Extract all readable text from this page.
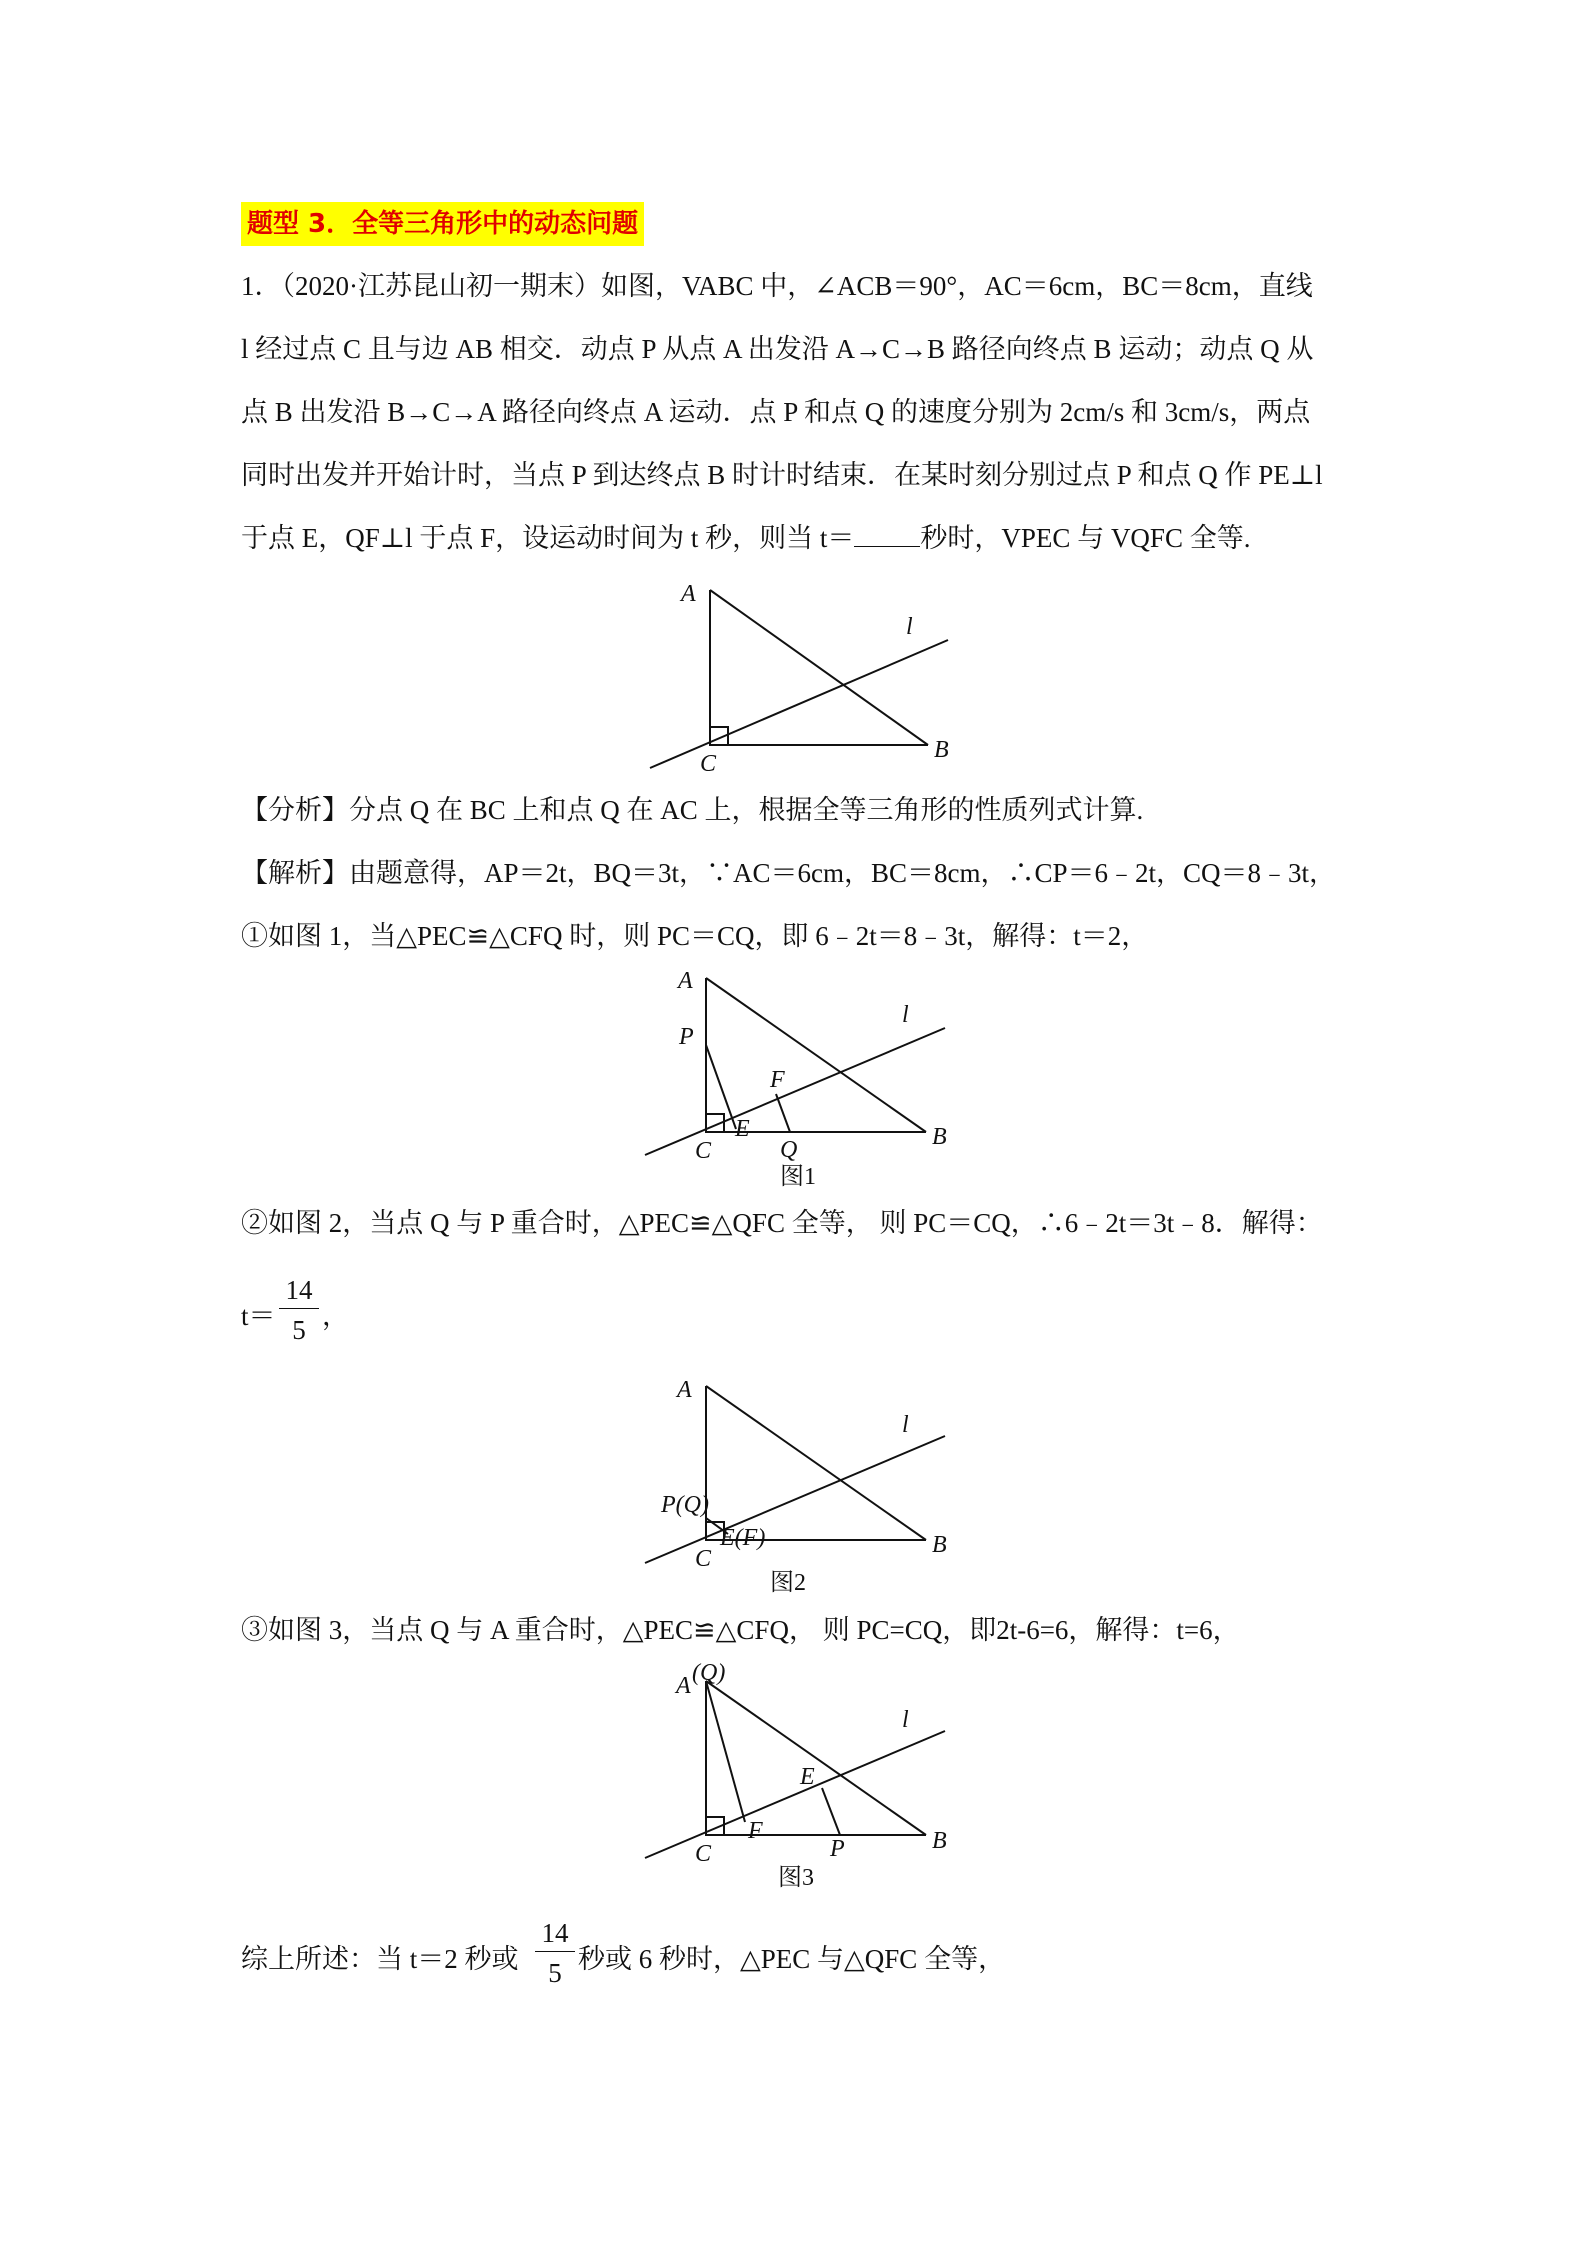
题型 3．全等三角形中的动态问题
1．（2020·江苏昆山初一期末）如图，VABC 中，∠ACB＝90°，AC＝6cm，BC＝8cm，直线
l 经过点 C 且与边 AB 相交．动点 P 从点 A 出发沿 A→C→B 路径向终点 B 运动；动点 Q 从
点 B 出发沿 B→C→A 路径向终点 A 运动．点 P 和点 Q 的速度分别为 2cm/s 和 3cm/s，两点
同时出发并开始计时，当点 P 到达终点 B 时计时结束．在某时刻分别过点 P 和点 Q 作 PE⊥l
于点 E，QF⊥l 于点 F，设运动时间为 t 秒，则当 t＝ 秒时，VPEC 与 VQFC 全等.
A
l
C
B
【分析】分点 Q 在 BC 上和点 Q 在 AC 上，根据全等三角形的性质列式计算.
【解析】由题意得，AP＝2t，BQ＝3t，∵AC＝6cm，BC＝8cm，∴CP＝6﹣2t，CQ＝8﹣3t，
①如图 1，当△PEC≌△CFQ 时，则 PC＝CQ，即 6﹣2t＝8﹣3t，解得：t＝2，
A
l
P
F
C
E
Q	B
图1
②如图 2，当点 Q 与 P 重合时，△PEC≌△QFC 全等， 则 PC＝CQ，∴6﹣2t＝3t﹣8．解得：
t＝
14
5 ，
A
l
P(Q)
E(F)
C
B
图2
③如图 3，当点 Q 与 A 重合时，△PEC≌△CFQ， 则 PC=CQ，即2t-6=6，解得：t=6，
(Q)
A
l
E
F
P
C	B
图3
综上所述：当 t＝2 秒或
14
5 秒或 6 秒时，△PEC 与△QFC 全等，
